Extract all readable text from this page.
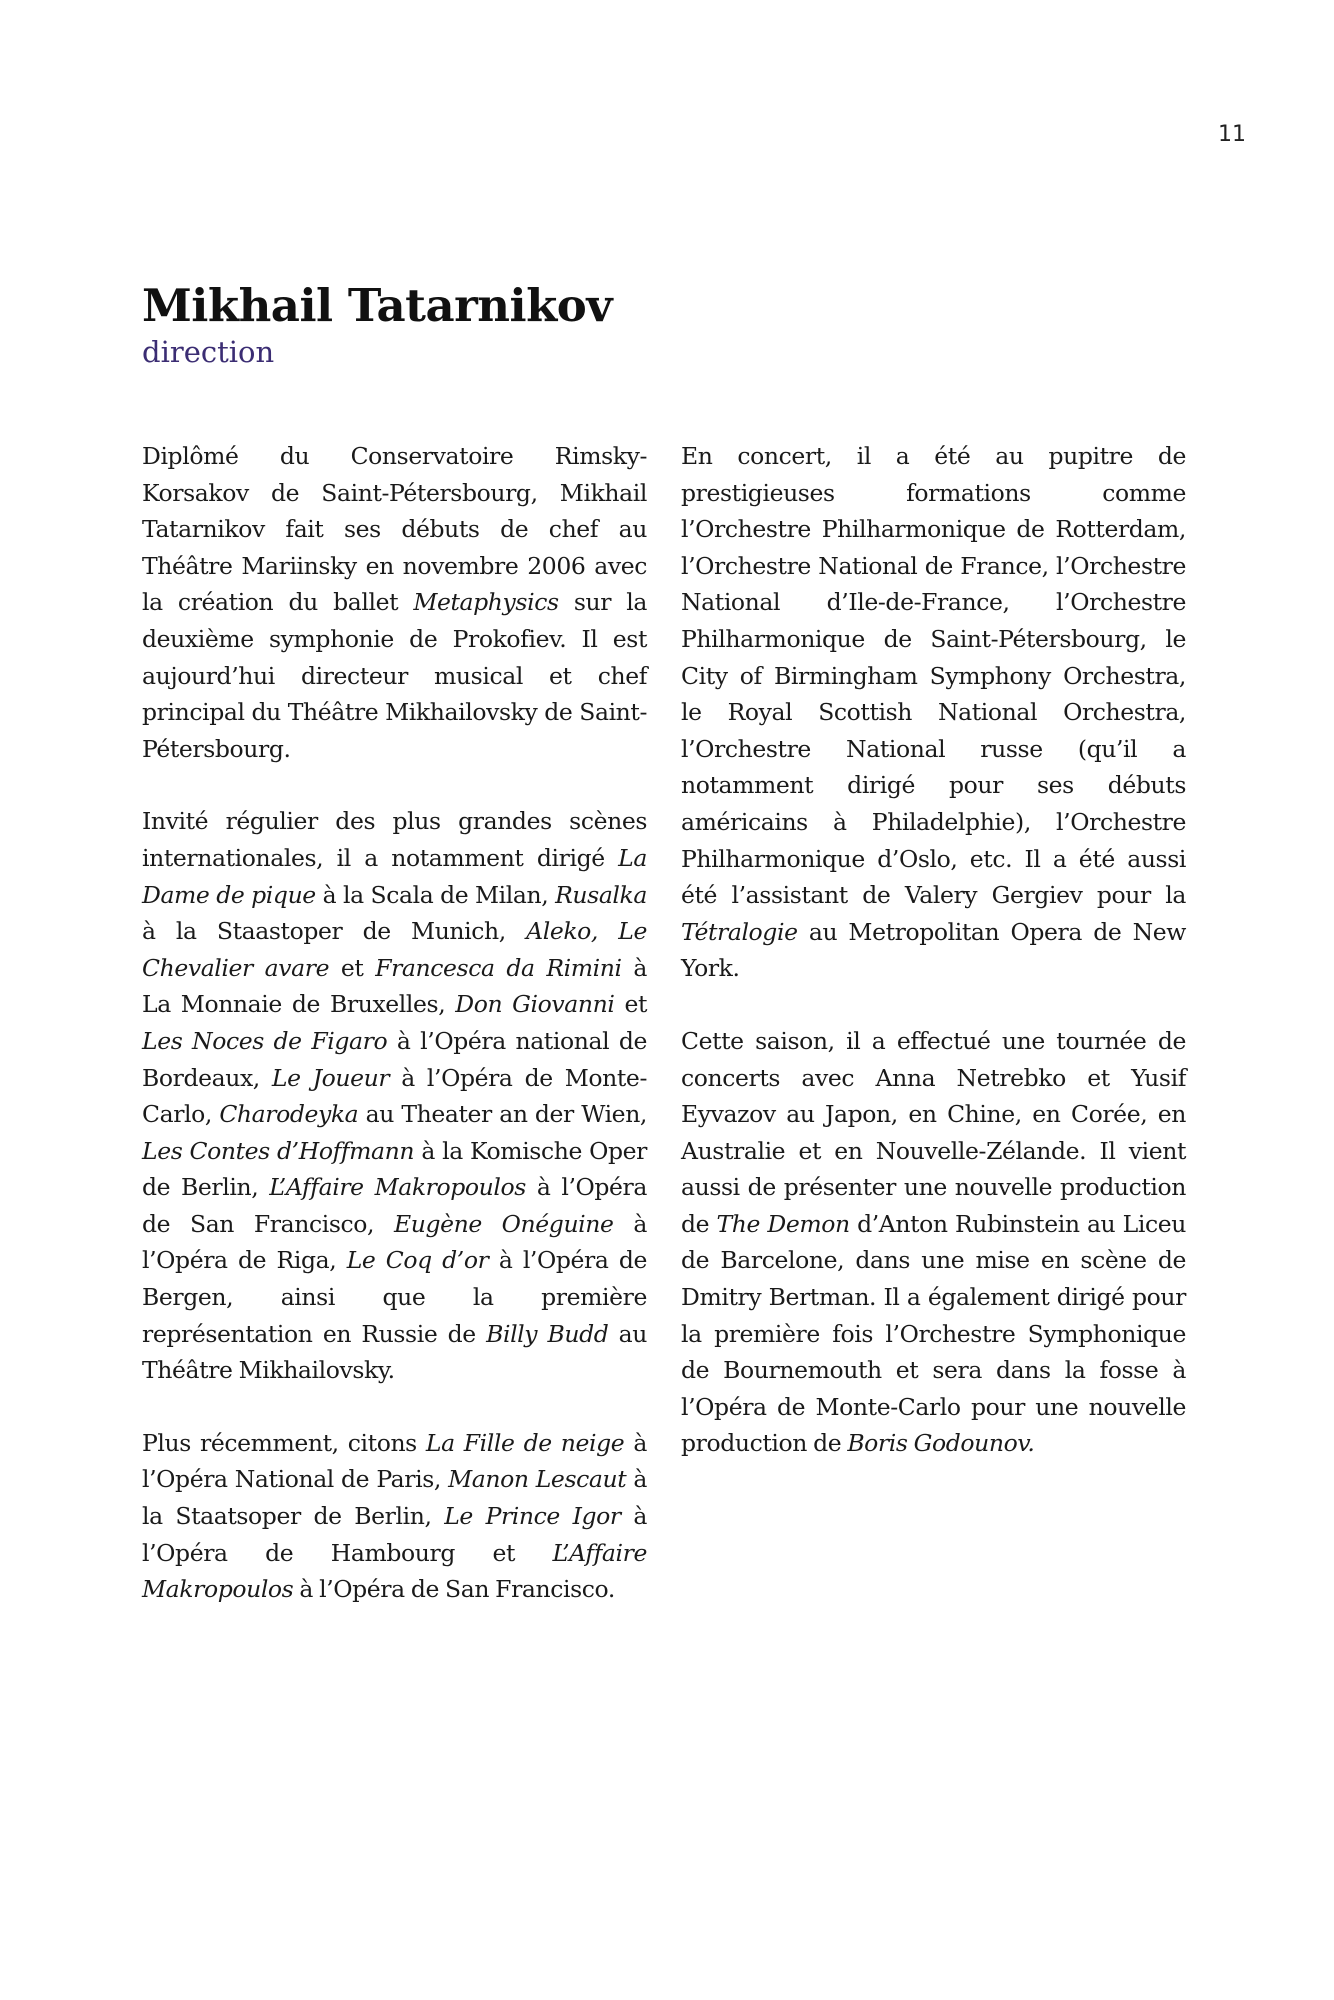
11
Mikhail Tatarnikov
direction

Diplômé du Conservatoire Rimsky-Korsakov de Saint-Pétersbourg, Mikhail Tatarnikov fait ses débuts de chef au Théâtre Mariinsky en novembre 2006 avec la création du ballet Metaphysics sur la deuxième symphonie de Prokofiev. Il est aujourd’hui directeur musical et chef principal du Théâtre Mikhailovsky de Saint-Pétersbourg.

Invité régulier des plus grandes scènes internationales, il a notamment dirigé La Dame de pique à la Scala de Milan, Rusalka à la Staastoper de Munich, Aleko, Le Chevalier avare et Francesca da Rimini à La Monnaie de Bruxelles, Don Giovanni et Les Noces de Figaro à l’Opéra national de Bordeaux, Le Joueur à l’Opéra de Monte-Carlo, Charodeyka au Theater an der Wien, Les Contes d’Hoffmann à la Komische Oper de Berlin, L’Affaire Makropoulos à l’Opéra de San Francisco, Eugène Onéguine à l’Opéra de Riga, Le Coq d’or à l’Opéra de Bergen, ainsi que la première représentation en Russie de Billy Budd au Théâtre Mikhailovsky.

Plus récemment, citons La Fille de neige à l’Opéra National de Paris, Manon Lescaut à la Staatsoper de Berlin, Le Prince Igor à l’Opéra de Hambourg et L’Affaire Makropoulos à l’Opéra de San Francisco.

En concert, il a été au pupitre de prestigieuses formations comme l’Orchestre Philharmonique de Rotterdam, l’Orchestre National de France, l’Orchestre National d’Ile-de-France, l’Orchestre Philharmonique de Saint-Pétersbourg, le City of Birmingham Symphony Orchestra, le Royal Scottish National Orchestra, l’Orchestre National russe (qu’il a notamment dirigé pour ses débuts américains à Philadelphie), l’Orchestre Philharmonique d’Oslo, etc. Il a été aussi été l’assistant de Valery Gergiev pour la Tétralogie au Metropolitan Opera de New York.

Cette saison, il a effectué une tournée de concerts avec Anna Netrebko et Yusif Eyvazov au Japon, en Chine, en Corée, en Australie et en Nouvelle-Zélande. Il vient aussi de présenter une nouvelle production de The Demon d’Anton Rubinstein au Liceu de Barcelone, dans une mise en scène de Dmitry Bertman. Il a également dirigé pour la première fois l’Orchestre Symphonique de Bournemouth et sera dans la fosse à l’Opéra de Monte-Carlo pour une nouvelle production de Boris Godounov.
